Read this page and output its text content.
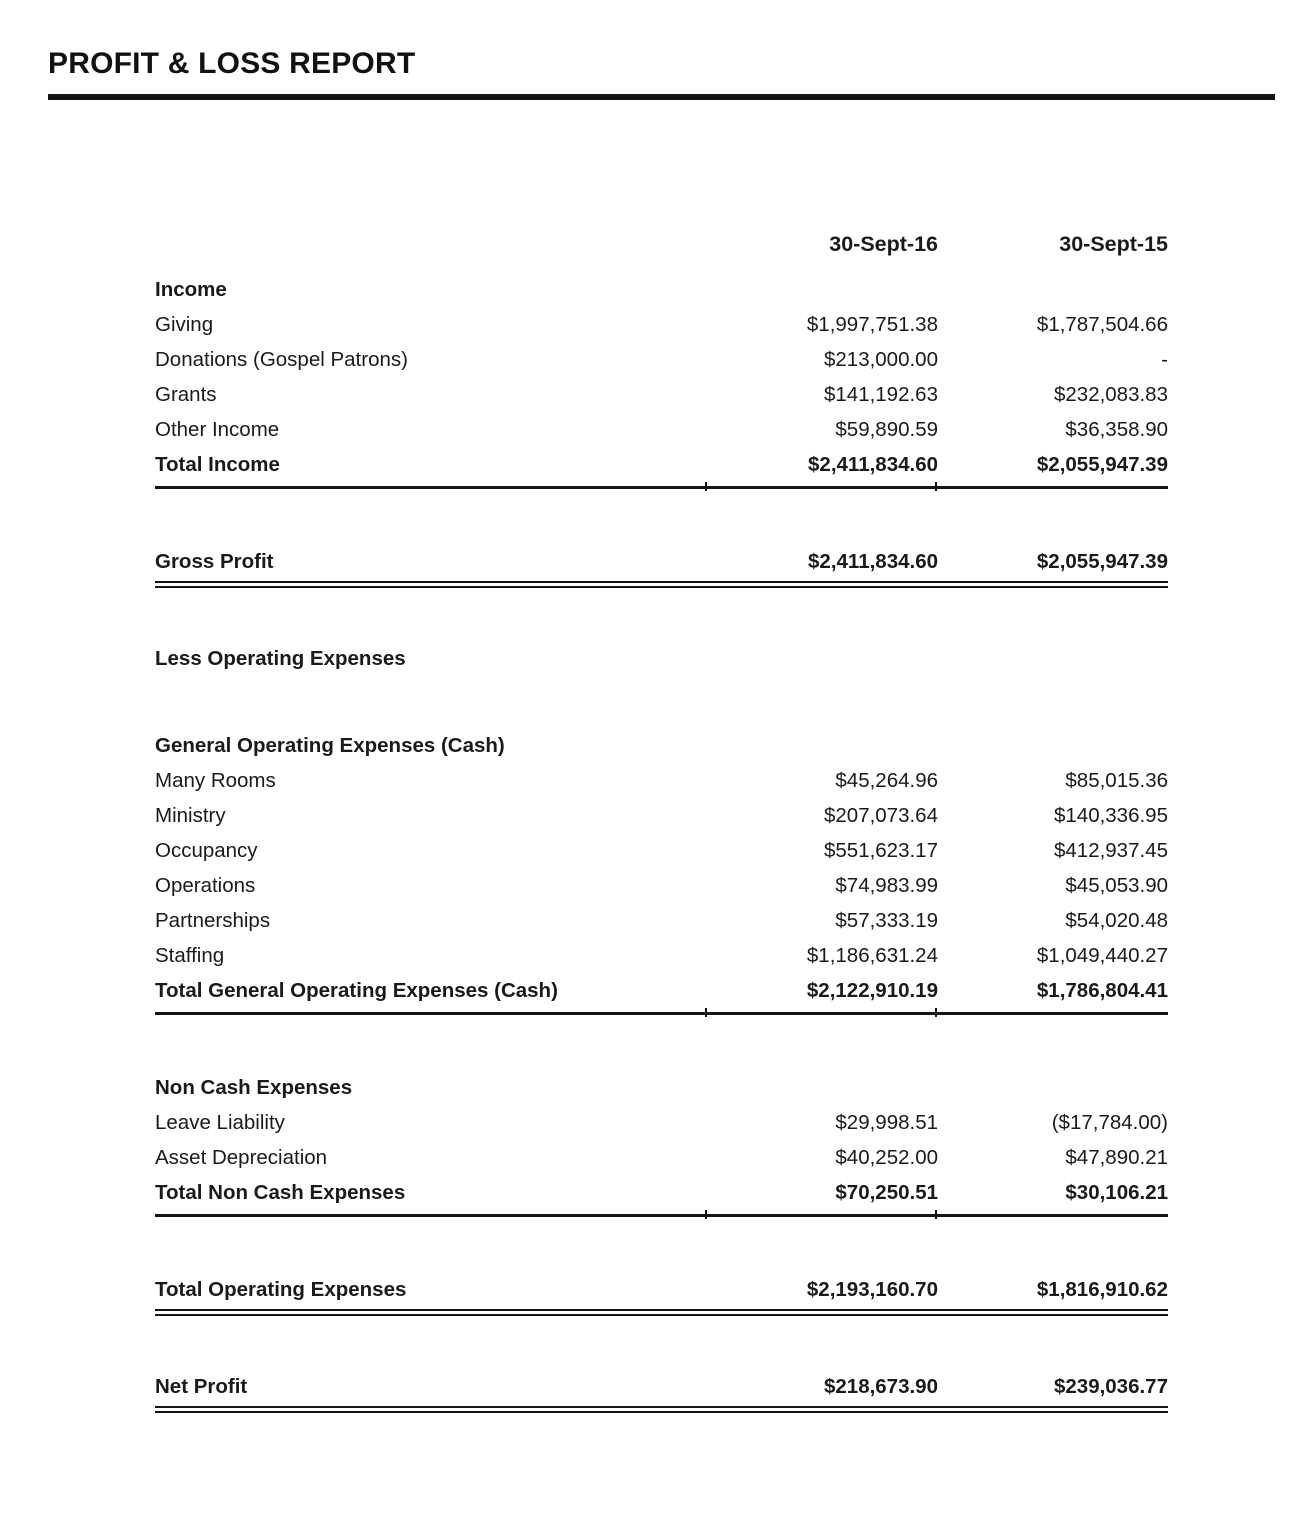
PROFIT & LOSS REPORT
	30-Sept-16	30-Sept-15
Income		
Giving	$1,997,751.38	$1,787,504.66
Donations (Gospel Patrons)	$213,000.00	-
Grants	$141,192.63	$232,083.83
Other Income	$59,890.59	$36,358.90
Total Income	$2,411,834.60	$2,055,947.39

Gross Profit	$2,411,834.60	$2,055,947.39

Less Operating Expenses		

General Operating Expenses (Cash)		
Many Rooms	$45,264.96	$85,015.36
Ministry	$207,073.64	$140,336.95
Occupancy	$551,623.17	$412,937.45
Operations	$74,983.99	$45,053.90
Partnerships	$57,333.19	$54,020.48
Staffing	$1,186,631.24	$1,049,440.27
Total General Operating Expenses (Cash)	$2,122,910.19	$1,786,804.41

Non Cash Expenses		
Leave Liability	$29,998.51	($17,784.00)
Asset Depreciation	$40,252.00	$47,890.21
Total Non Cash Expenses	$70,250.51	$30,106.21

Total Operating Expenses	$2,193,160.70	$1,816,910.62

Net Profit	$218,673.90	$239,036.77
